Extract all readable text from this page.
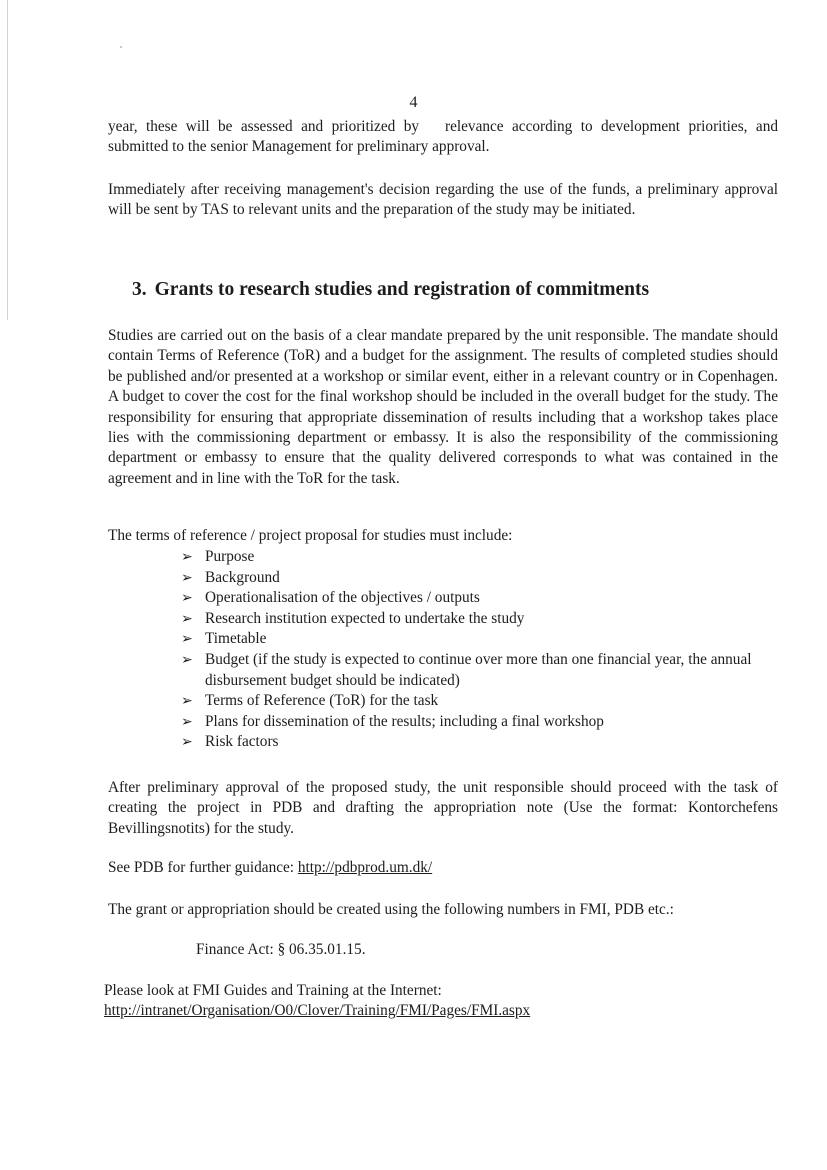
4
year, these will be assessed and prioritized by relevance according to development priorities, and submitted to the senior Management for preliminary approval.
Immediately after receiving management's decision regarding the use of the funds, a preliminary approval will be sent by TAS to relevant units and the preparation of the study may be initiated.
3. Grants to research studies and registration of commitments
Studies are carried out on the basis of a clear mandate prepared by the unit responsible. The mandate should contain Terms of Reference (ToR) and a budget for the assignment. The results of completed studies should be published and/or presented at a workshop or similar event, either in a relevant country or in Copenhagen. A budget to cover the cost for the final workshop should be included in the overall budget for the study. The responsibility for ensuring that appropriate dissemination of results including that a workshop takes place lies with the commissioning department or embassy. It is also the responsibility of the commissioning department or embassy to ensure that the quality delivered corresponds to what was contained in the agreement and in line with the ToR for the task.
The terms of reference / project proposal for studies must include:
➢ Purpose
➢ Background
➢ Operationalisation of the objectives / outputs
➢ Research institution expected to undertake the study
➢ Timetable
➢ Budget (if the study is expected to continue over more than one financial year, the annual disbursement budget should be indicated)
➢ Terms of Reference (ToR) for the task
➢ Plans for dissemination of the results; including a final workshop
➢ Risk factors
After preliminary approval of the proposed study, the unit responsible should proceed with the task of creating the project in PDB and drafting the appropriation note (Use the format: Kontorchefens Bevillingsnotits) for the study.
See PDB for further guidance: http://pdbprod.um.dk/
The grant or appropriation should be created using the following numbers in FMI, PDB etc.:
Finance Act: § 06.35.01.15.
Please look at FMI Guides and Training at the Internet:
http://intranet/Organisation/O0/Clover/Training/FMI/Pages/FMI.aspx
